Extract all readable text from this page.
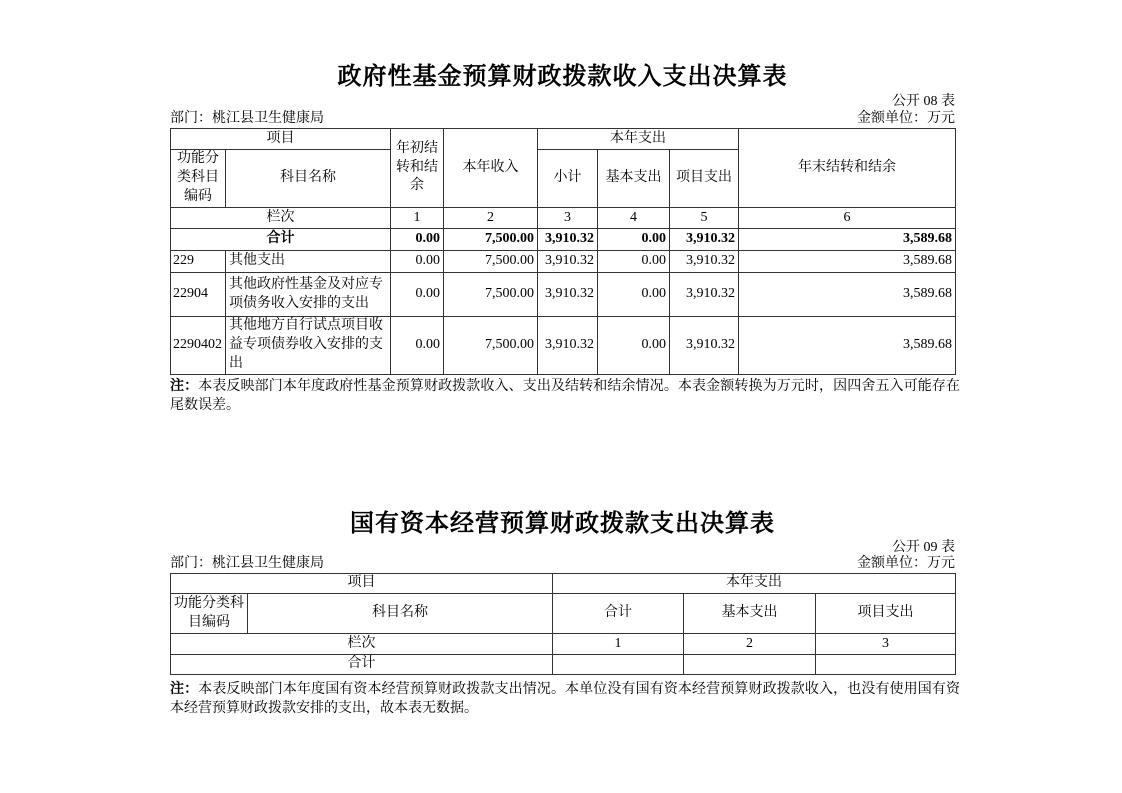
政府性基金预算财政拨款收入支出决算表
公开 08 表
部门：桃江县卫生健康局	金额单位：万元
项目		年初结转和结余	本年收入	本年支出			年末结转和结余
功能分类科目编码	科目名称			小计	基本支出	项目支出	
栏次		1	2	3	4	5	6
合计		0.00	7,500.00	3,910.32	0.00	3,910.32	3,589.68
229	其他支出	0.00	7,500.00	3,910.32	0.00	3,910.32	3,589.68
22904	其他政府性基金及对应专项债务收入安排的支出	0.00	7,500.00	3,910.32	0.00	3,910.32	3,589.68
2290402	其他地方自行试点项目收益专项债券收入安排的支出	0.00	7,500.00	3,910.32	0.00	3,910.32	3,589.68
注：本表反映部门本年度政府性基金预算财政拨款收入、支出及结转和结余情况。本表金额转换为万元时，因四舍五入可能存在尾数误差。
国有资本经营预算财政拨款支出决算表
公开 09 表
部门：桃江县卫生健康局	金额单位：万元
项目		本年支出		
功能分类科目编码	科目名称	合计	基本支出	项目支出
栏次		1	2	3
合计				
注：本表反映部门本年度国有资本经营预算财政拨款支出情况。本单位没有国有资本经营预算财政拨款收入，也没有使用国有资本经营预算财政拨款安排的支出，故本表无数据。
